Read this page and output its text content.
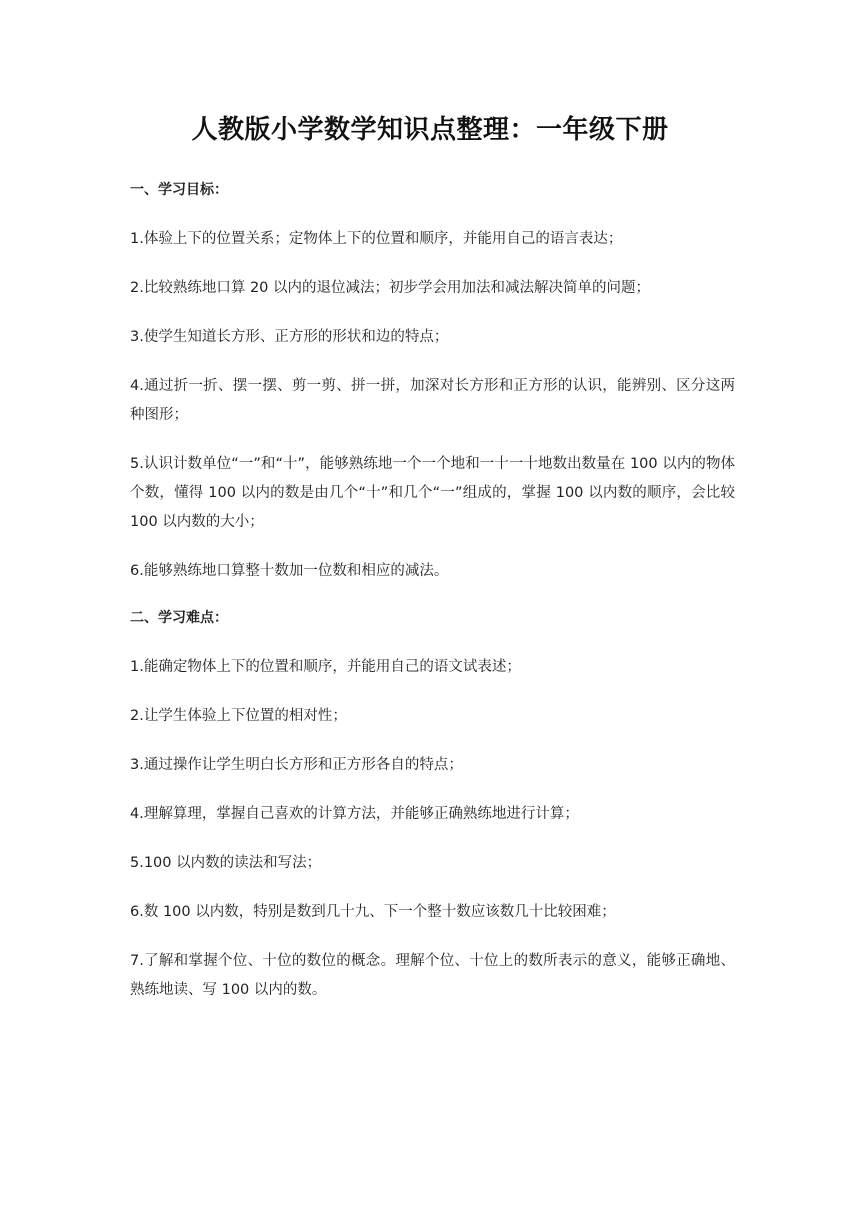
人教版小学数学知识点整理：一年级下册

一、学习目标：

1.体验上下的位置关系；定物体上下的位置和顺序，并能用自己的语言表达；

2.比较熟练地口算 20 以内的退位减法；初步学会用加法和减法解决简单的问题；

3.使学生知道长方形、正方形的形状和边的特点；

4.通过折一折、摆一摆、剪一剪、拼一拼，加深对长方形和正方形的认识，能辨别、区分这两种图形；

5.认识计数单位“一”和“十”，能够熟练地一个一个地和一十一十地数出数量在 100 以内的物体个数，懂得 100 以内的数是由几个“十”和几个“一”组成的，掌握 100 以内数的顺序，会比较 100 以内数的大小；

6.能够熟练地口算整十数加一位数和相应的减法。

二、学习难点：

1.能确定物体上下的位置和顺序，并能用自己的语文试表述；

2.让学生体验上下位置的相对性；

3.通过操作让学生明白长方形和正方形各自的特点；

4.理解算理，掌握自己喜欢的计算方法，并能够正确熟练地进行计算；

5.100 以内数的读法和写法；

6.数 100 以内数，特别是数到几十九、下一个整十数应该数几十比较困难；

7.了解和掌握个位、十位的数位的概念。理解个位、十位上的数所表示的意义，能够正确地、熟练地读、写 100 以内的数。
